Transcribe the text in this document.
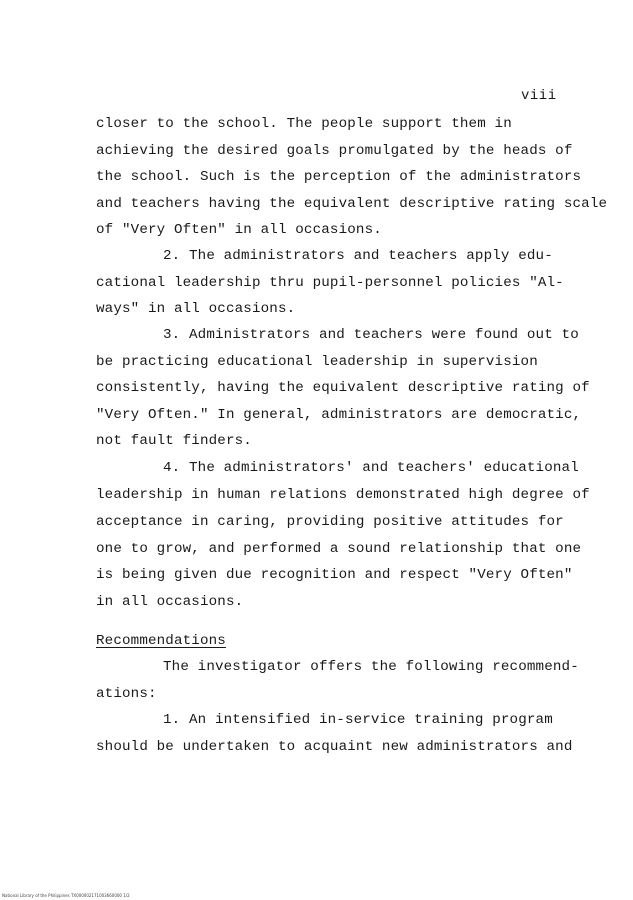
viii
closer to the school. The people support them in
achieving the desired goals promulgated by the heads of
the school. Such is the perception of the administrators
and teachers having the equivalent descriptive rating scale
of "Very Often" in all occasions.
2. The administrators and teachers apply edu-
cational leadership thru pupil-personnel policies "Al-
ways" in all occasions.
3. Administrators and teachers were found out to
be practicing educational leadership in supervision
consistently, having the equivalent descriptive rating of
"Very Often." In general, administrators are democratic,
not fault finders.
4. The administrators' and teachers' educational
leadership in human relations demonstrated high degree of
acceptance in caring, providing positive attitudes for
one to grow, and performed a sound relationship that one
is being given due recognition and respect "Very Often"
in all occasions.
Recommendations
The investigator offers the following recommend-
ations:
1. An intensified in-service training program
should be undertaken to acquaint new administrators and
National Library of the Philippines TX000002171003660000 1/2
